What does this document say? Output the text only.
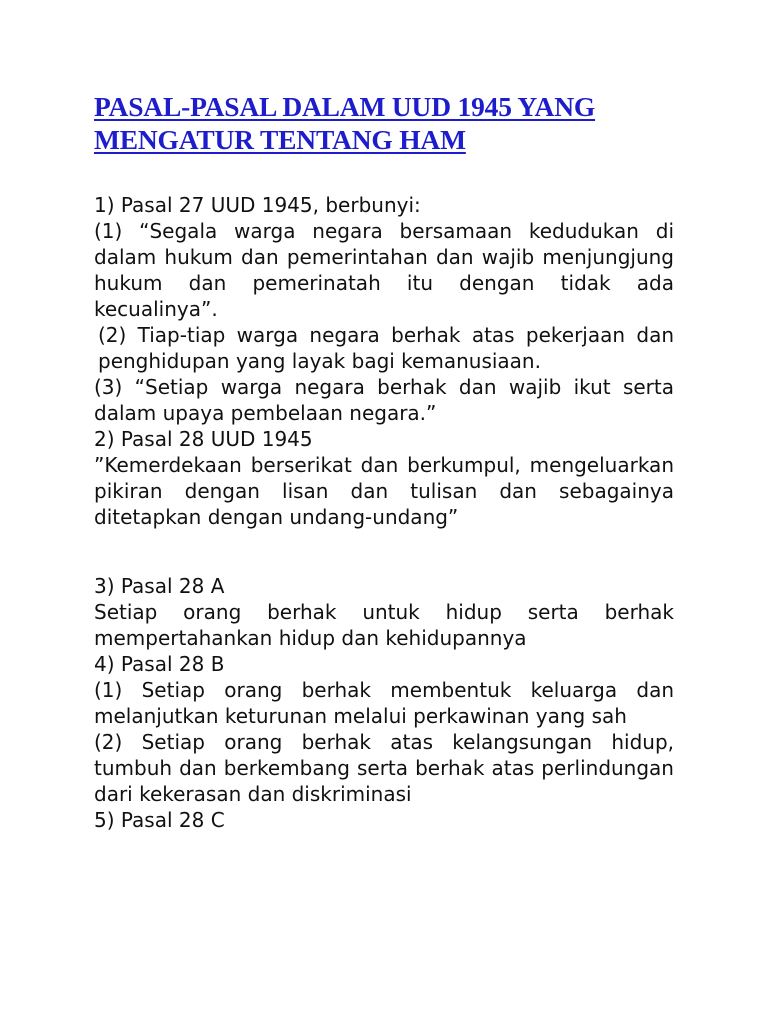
PASAL-PASAL DALAM UUD 1945 YANG
MENGATUR TENTANG HAM

1) Pasal 27 UUD 1945, berbunyi:

(1) “Segala warga negara bersamaan kedudukan di dalam hukum dan pemerintahan dan wajib menjungjung hukum dan pemerinatah itu dengan tidak ada kecualinya”.

(2) Tiap-tiap warga negara berhak atas pekerjaan dan penghidupan yang layak bagi kemanusiaan.

(3) “Setiap warga negara berhak dan wajib ikut serta dalam upaya pembelaan negara.”

2) Pasal 28 UUD 1945

”Kemerdekaan berserikat dan berkumpul, mengeluarkan pikiran dengan lisan dan tulisan dan sebagainya ditetapkan dengan undang-undang”

3) Pasal 28 A

Setiap orang berhak untuk hidup serta berhak mempertahankan hidup dan kehidupannya

4) Pasal 28 B

(1) Setiap orang berhak membentuk keluarga dan melanjutkan keturunan melalui perkawinan yang sah

(2) Setiap orang berhak atas kelangsungan hidup, tumbuh dan berkembang serta berhak atas perlindungan dari kekerasan dan diskriminasi

5) Pasal 28 C
